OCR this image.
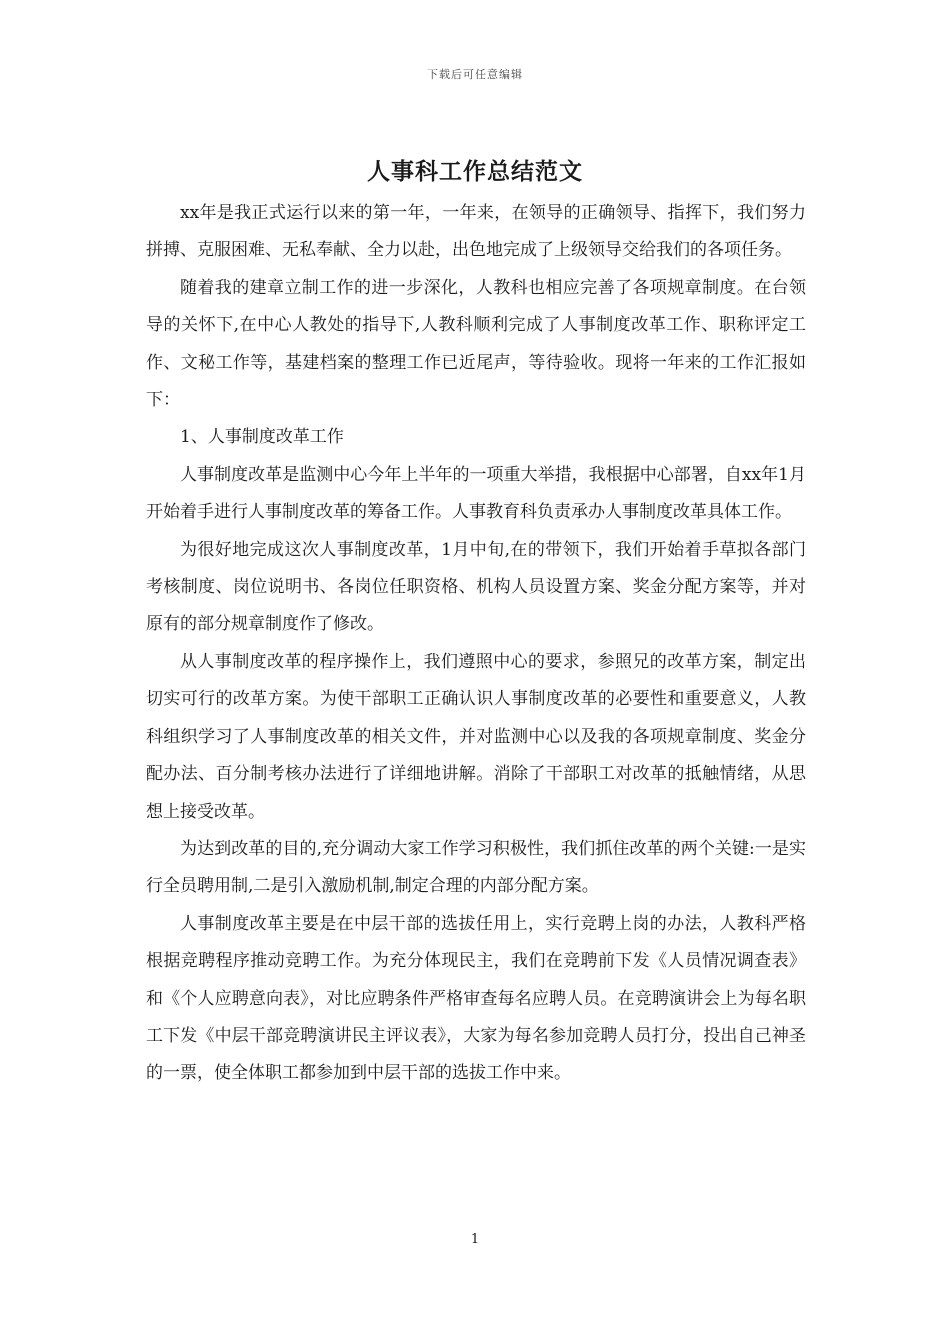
下载后可任意编辑
人事科工作总结范文

xx年是我正式运行以来的第一年，一年来，在领导的正确领导、指挥下，我们努力拼搏、克服困难、无私奉献、全力以赴，出色地完成了上级领导交给我们的各项任务。

随着我的建章立制工作的进一步深化，人教科也相应完善了各项规章制度。在台领导的关怀下,在中心人教处的指导下,人教科顺利完成了人事制度改革工作、职称评定工作、文秘工作等，基建档案的整理工作已近尾声，等待验收。现将一年来的工作汇报如下：

1、人事制度改革工作

人事制度改革是监测中心今年上半年的一项重大举措，我根据中心部署，自xx年1月开始着手进行人事制度改革的筹备工作。人事教育科负责承办人事制度改革具体工作。

为很好地完成这次人事制度改革，1月中旬,在的带领下，我们开始着手草拟各部门考核制度、岗位说明书、各岗位任职资格、机构人员设置方案、奖金分配方案等，并对原有的部分规章制度作了修改。

从人事制度改革的程序操作上，我们遵照中心的要求，参照兄的改革方案，制定出切实可行的改革方案。为使干部职工正确认识人事制度改革的必要性和重要意义，人教科组织学习了人事制度改革的相关文件，并对监测中心以及我的各项规章制度、奖金分配办法、百分制考核办法进行了详细地讲解。消除了干部职工对改革的抵触情绪，从思想上接受改革。

为达到改革的目的,充分调动大家工作学习积极性，我们抓住改革的两个关键:一是实行全员聘用制,二是引入激励机制,制定合理的内部分配方案。

人事制度改革主要是在中层干部的选拔任用上，实行竞聘上岗的办法，人教科严格根据竞聘程序推动竞聘工作。为充分体现民主，我们在竞聘前下发《人员情况调查表》和《个人应聘意向表》，对比应聘条件严格审查每名应聘人员。在竞聘演讲会上为每名职工下发《中层干部竞聘演讲民主评议表》，大家为每名参加竞聘人员打分，投出自己神圣的一票，使全体职工都参加到中层干部的选拔工作中来。

1
